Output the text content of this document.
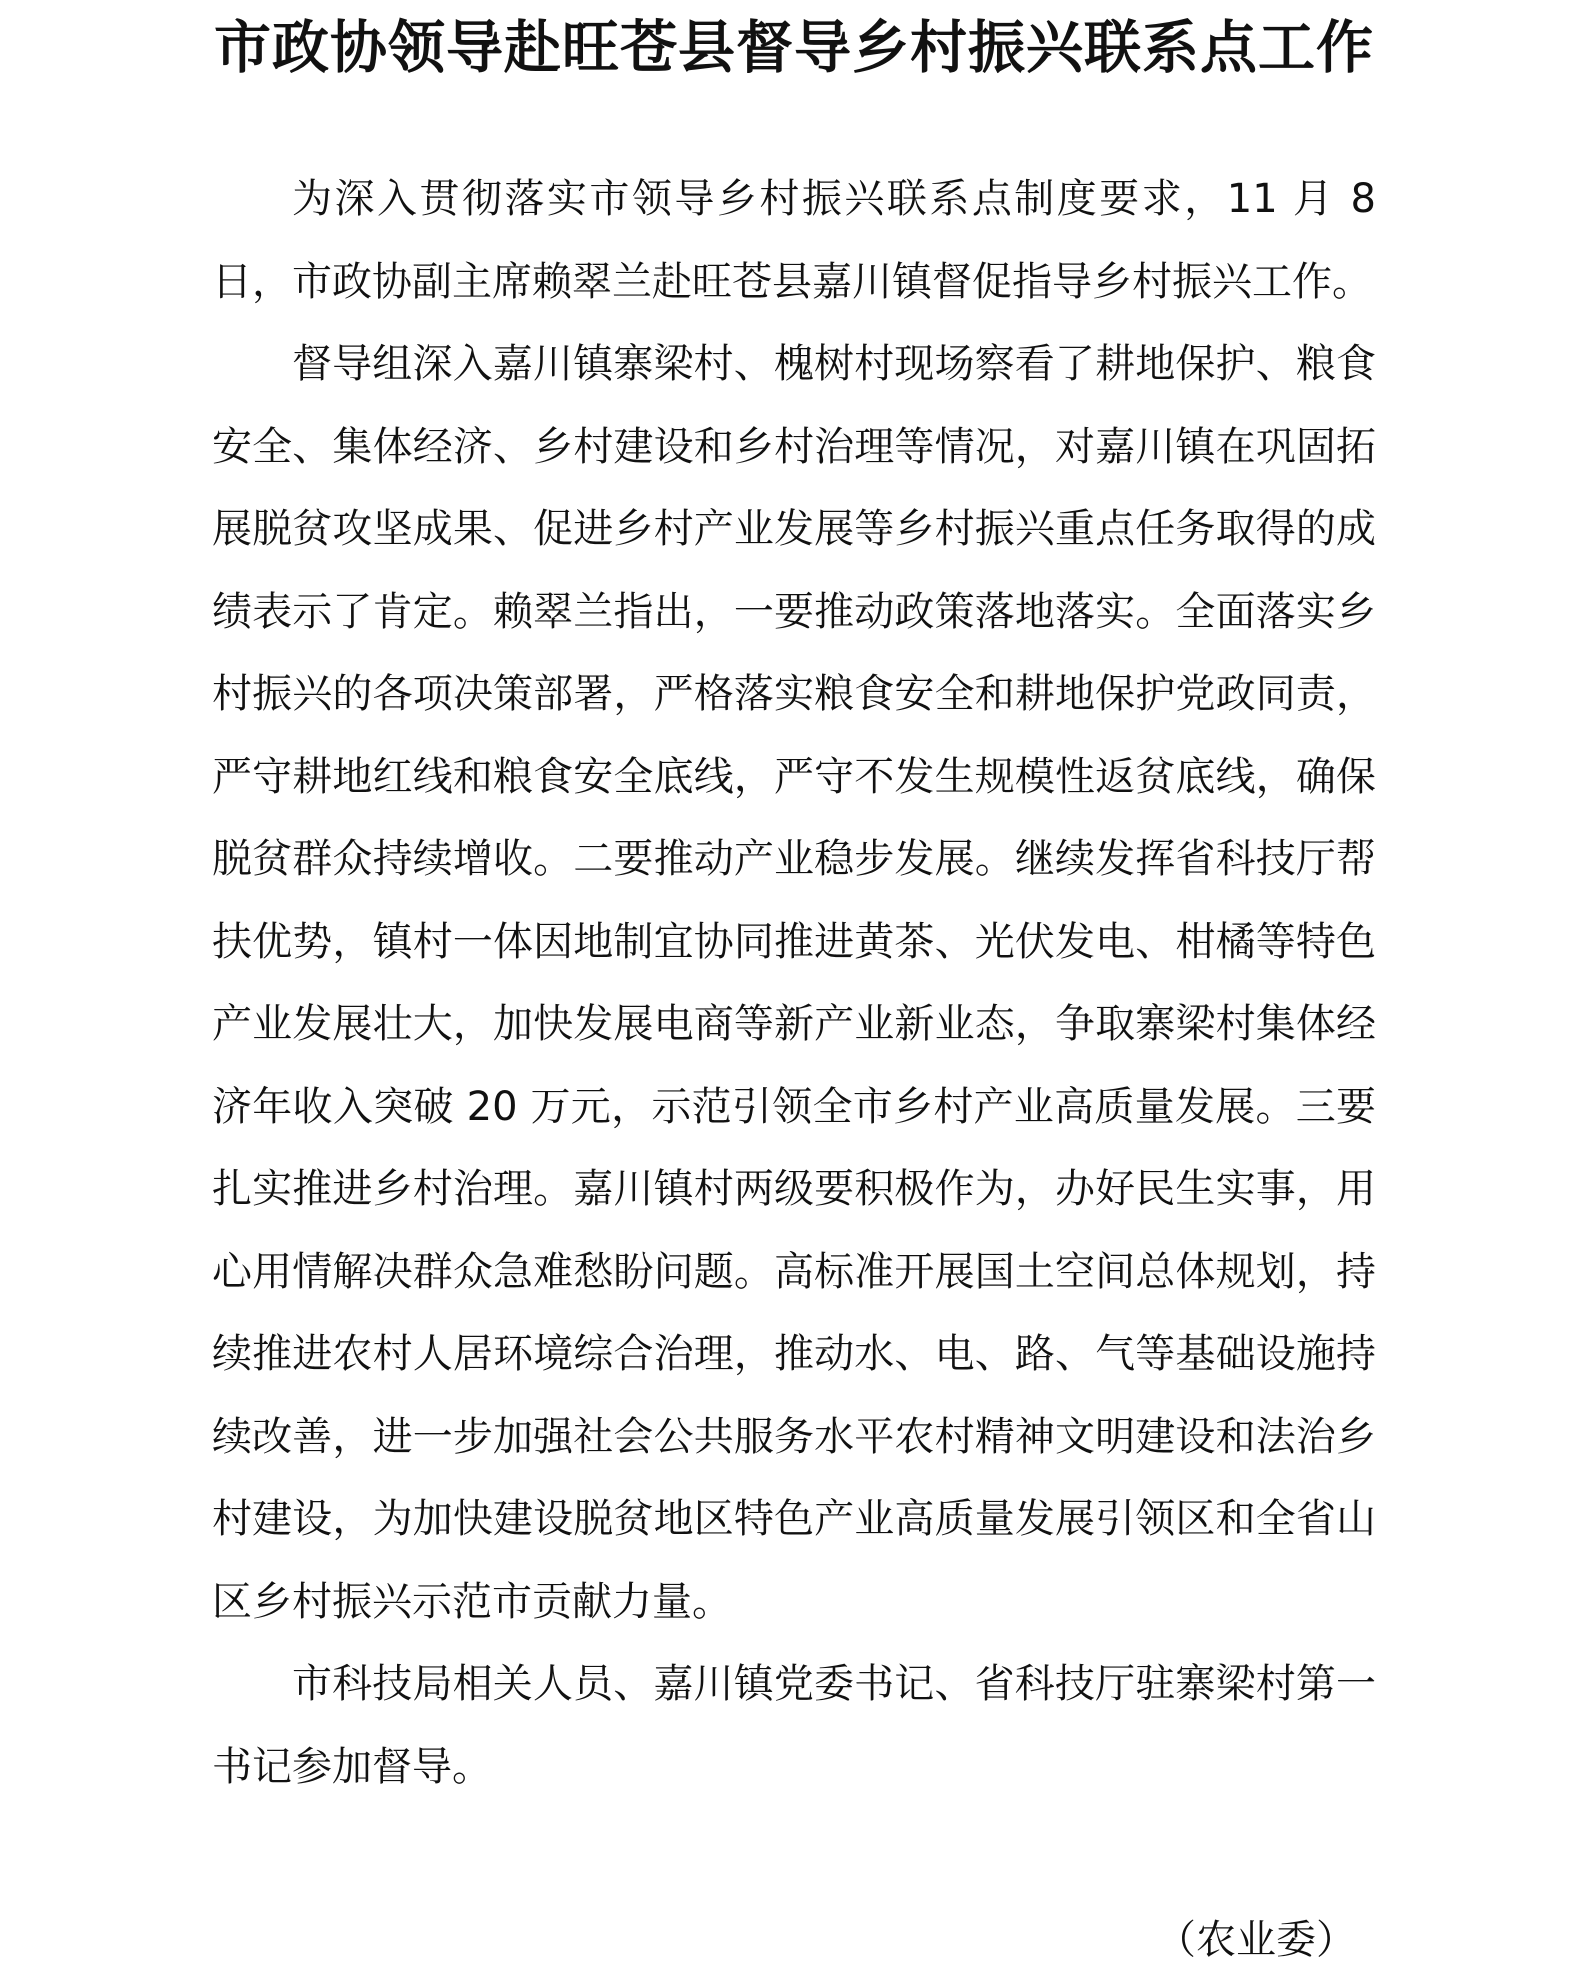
市政协领导赴旺苍县督导乡村振兴联系点工作

为深入贯彻落实市领导乡村振兴联系点制度要求，11 月 8 日，市政协副主席赖翠兰赴旺苍县嘉川镇督促指导乡村振兴工作。

督导组深入嘉川镇寨梁村、槐树村现场察看了耕地保护、粮食安全、集体经济、乡村建设和乡村治理等情况，对嘉川镇在巩固拓展脱贫攻坚成果、促进乡村产业发展等乡村振兴重点任务取得的成绩表示了肯定。赖翠兰指出，一要推动政策落地落实。全面落实乡村振兴的各项决策部署，严格落实粮食安全和耕地保护党政同责，严守耕地红线和粮食安全底线，严守不发生规模性返贫底线，确保脱贫群众持续增收。二要推动产业稳步发展。继续发挥省科技厅帮扶优势，镇村一体因地制宜协同推进黄茶、光伏发电、柑橘等特色产业发展壮大，加快发展电商等新产业新业态，争取寨梁村集体经济年收入突破 20 万元，示范引领全市乡村产业高质量发展。三要扎实推进乡村治理。嘉川镇村两级要积极作为，办好民生实事，用心用情解决群众急难愁盼问题。高标准开展国土空间总体规划，持续推进农村人居环境综合治理，推动水、电、路、气等基础设施持续改善，进一步加强社会公共服务水平农村精神文明建设和法治乡村建设，为加快建设脱贫地区特色产业高质量发展引领区和全省山区乡村振兴示范市贡献力量。

市科技局相关人员、嘉川镇党委书记、省科技厅驻寨梁村第一书记参加督导。

（农业委）
